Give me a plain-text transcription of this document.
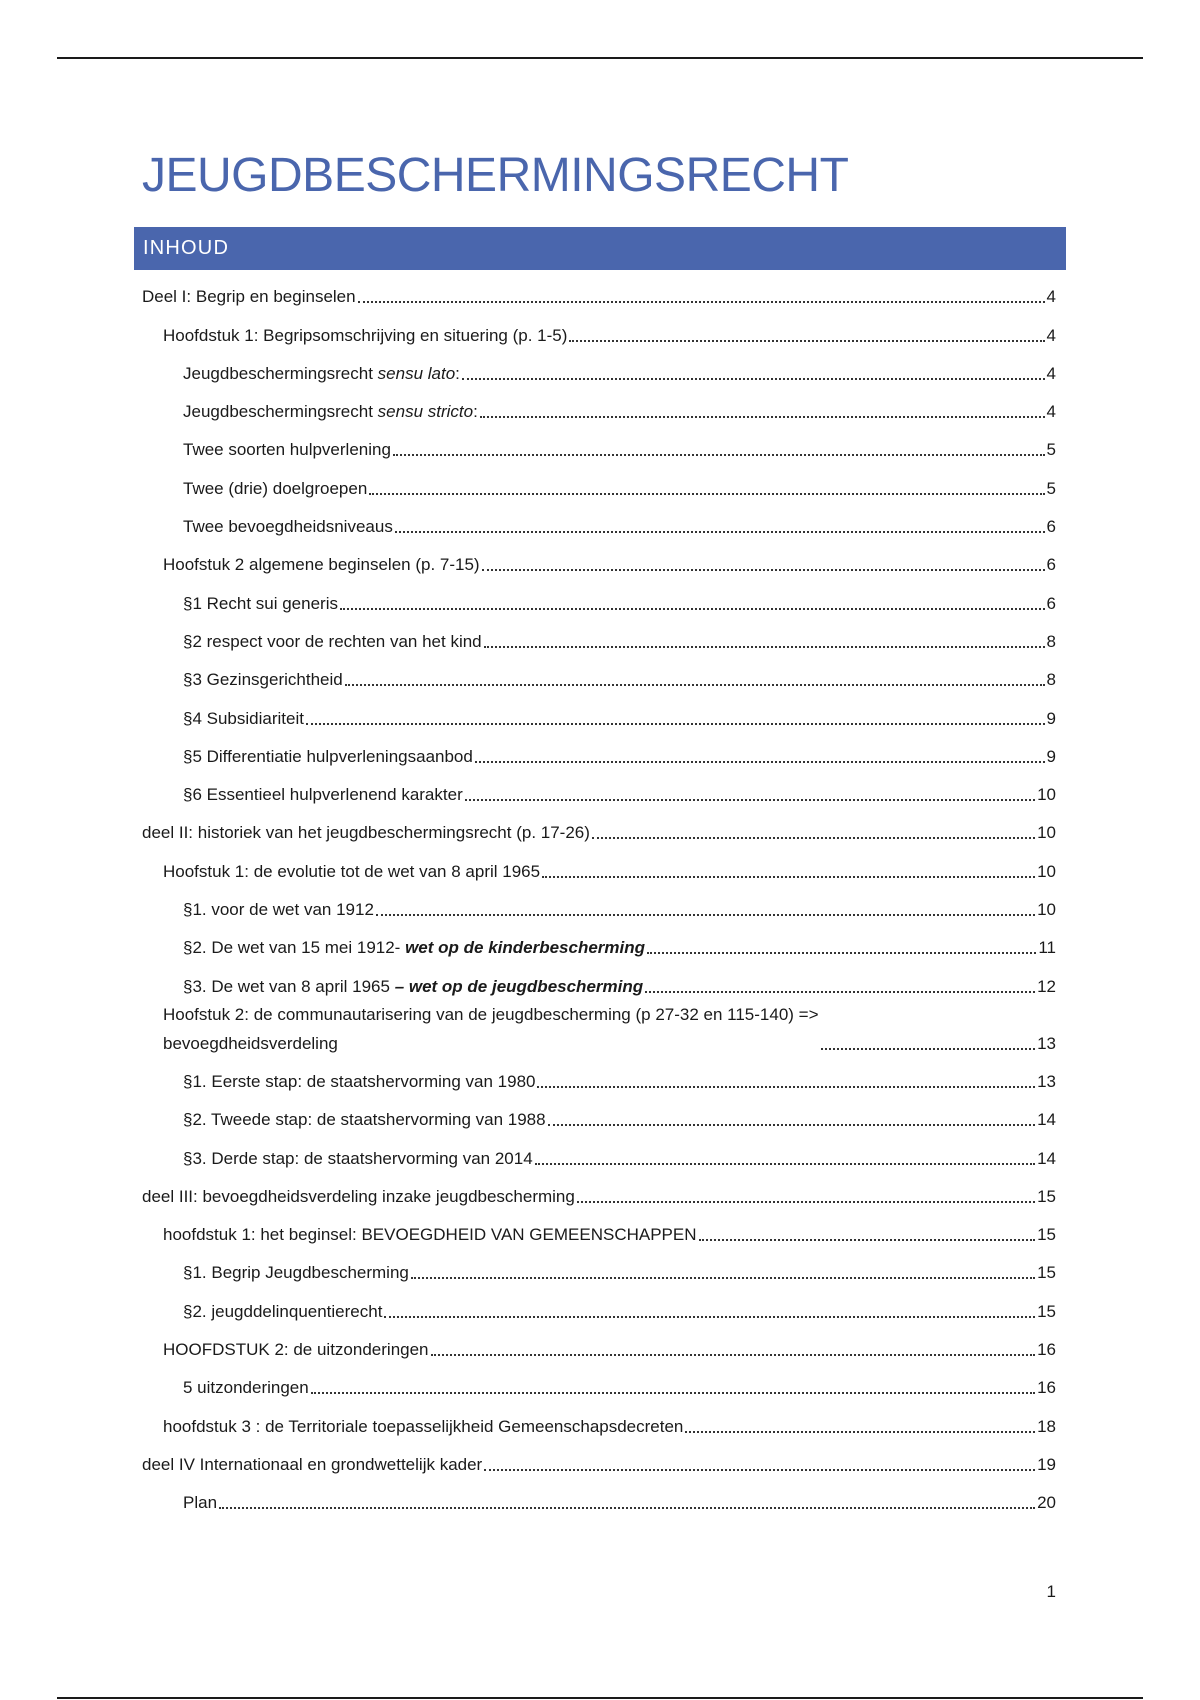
JEUGDBESCHERMINGSRECHT
INHOUD
Deel I: Begrip en beginselen	4
Hoofdstuk 1: Begripsomschrijving en situering (p. 1-5)	4
Jeugdbeschermingsrecht sensu lato:	4
Jeugdbeschermingsrecht sensu stricto:	4
Twee soorten hulpverlening	5
Twee (drie) doelgroepen	5
Twee bevoegdheidsniveaus	6
Hoofstuk 2 algemene beginselen (p. 7-15)	6
§1 Recht sui generis	6
§2 respect voor de rechten van het kind	8
§3 Gezinsgerichtheid	8
§4 Subsidiariteit	9
§5 Differentiatie hulpverleningsaanbod	9
§6 Essentieel hulpverlenend karakter	10
deel II: historiek van het jeugdbeschermingsrecht (p. 17-26)	10
Hoofstuk 1: de evolutie tot de wet van 8 april 1965	10
§1. voor de wet van 1912	10
§2. De wet van 15 mei 1912- wet op de kinderbescherming	11
§3. De wet van 8 april 1965 – wet op de jeugdbescherming	12
Hoofstuk 2: de communautarisering van de jeugdbescherming (p 27-32 en 115-140) =>
bevoegdheidsverdeling	13
§1. Eerste stap: de staatshervorming van 1980	13
§2. Tweede stap: de staatshervorming van 1988	14
§3. Derde stap: de staatshervorming van 2014	14
deel III: bevoegdheidsverdeling inzake jeugdbescherming	15
hoofdstuk 1: het beginsel: BEVOEGDHEID VAN GEMEENSCHAPPEN	15
§1. Begrip Jeugdbescherming	15
§2. jeugddelinquentierecht	15
HOOFDSTUK 2: de uitzonderingen	16
5 uitzonderingen	16
hoofdstuk 3 : de Territoriale toepasselijkheid Gemeenschapsdecreten	18
deel IV Internationaal en grondwettelijk kader	19
Plan	20
1
